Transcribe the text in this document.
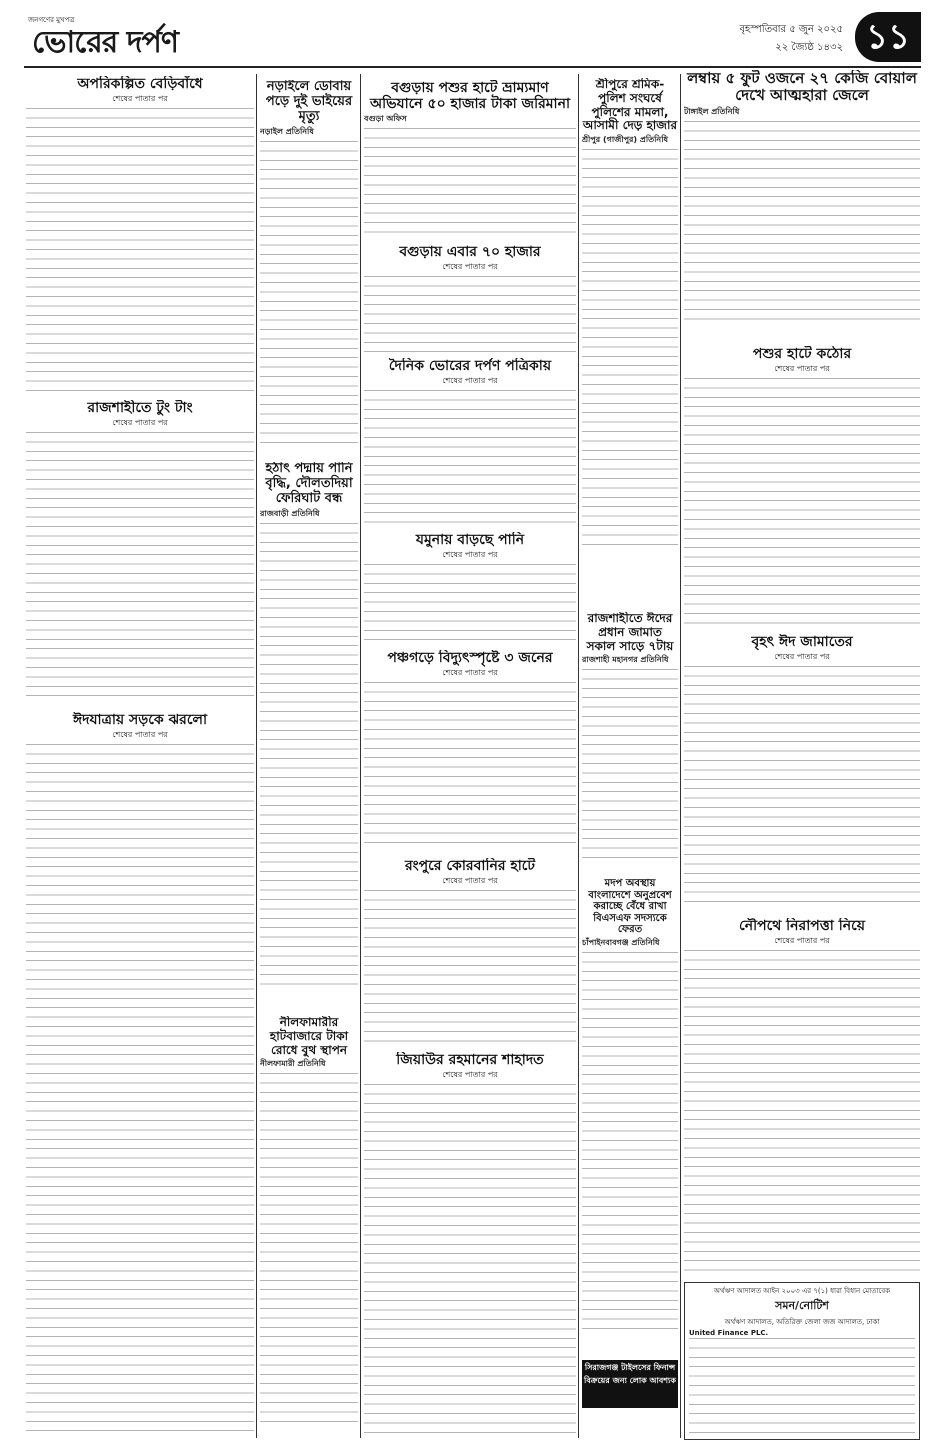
জনগণের মুখপত্র
ভোরের দর্পণ	বৃহস্পতিবার ৫ জুন ২০২৫
২২ জ্যৈষ্ঠ ১৪৩২ ১১
অপরিকল্পিত বেড়িবাঁধে
শেষের পাতার পর
রাজশাহীতে টুং টাং
শেষের পাতার পর
ঈদযাত্রায় সড়কে ঝরলো
শেষের পাতার পর
নড়াইলে ডোবায় পড়ে দুই ভাইয়ের মৃত্যু
নড়াইল প্রতিনিধি
হঠাৎ পদ্মায় পানি বৃদ্ধি, দৌলতদিয়া ফেরিঘাট বন্ধ
রাজবাড়ী প্রতিনিধি
নীলফামারীর হাটবাজারে টাকা রোধে বুথ স্থাপন
নীলফামারী প্রতিনিধি
বগুড়ায় পশুর হাটে ভ্রাম্যমাণ অভিযানে ৫০ হাজার টাকা জরিমানা
বগুড়া অফিস
বগুড়ায় এবার ৭০ হাজার
শেষের পাতার পর
দৈনিক ভোরের দর্পণ পত্রিকায়
শেষের পাতার পর
যমুনায় বাড়ছে পানি
শেষের পাতার পর
পঞ্চগড়ে বিদ্যুৎস্পৃষ্টে ৩ জনের
শেষের পাতার পর
রংপুরে কোরবানির হাটে
শেষের পাতার পর
জিয়াউর রহমানের শাহাদত
শেষের পাতার পর
শ্রীপুরে শ্রমিক-পুলিশ সংঘর্ষে পুলিশের মামলা, আসামী দেড় হাজার
শ্রীপুর (গাজীপুর) প্রতিনিধি
রাজশাহীতে ঈদের প্রধান জামাত সকাল সাড়ে ৭টায়
রাজশাহী মহানগর প্রতিনিধি
মদপ অবস্থায় বাংলাদেশে অনুপ্রবেশ করাচ্ছে বেঁধে রাখা বিএসএফ সদস্যকে ফেরত
চাঁপাইনবাবগঞ্জ প্রতিনিধি
সিরাজগঞ্জ টাইলসের ফিনান্স বিক্রয়ের জন্য লোক আবশ্যক
লম্বায় ৫ ফুট ওজনে ২৭ কেজি বোয়াল দেখে আত্মহারা জেলে
টাঙ্গাইল প্রতিনিধি
পশুর হাটে কঠোর
শেষের পাতার পর
বৃহৎ ঈদ জামাতের
শেষের পাতার পর
নৌপথে নিরাপত্তা নিয়ে
শেষের পাতার পর
অর্থঋণ আদালত আইন ২০০৩ এর ৭(১) ধারা বিধান মোতাবেক
সমন/নোটিশ
অর্থঋণ আদালত, অতিরিক্ত জেলা জজ আদালত, ঢাকা
United Finance PLC.
